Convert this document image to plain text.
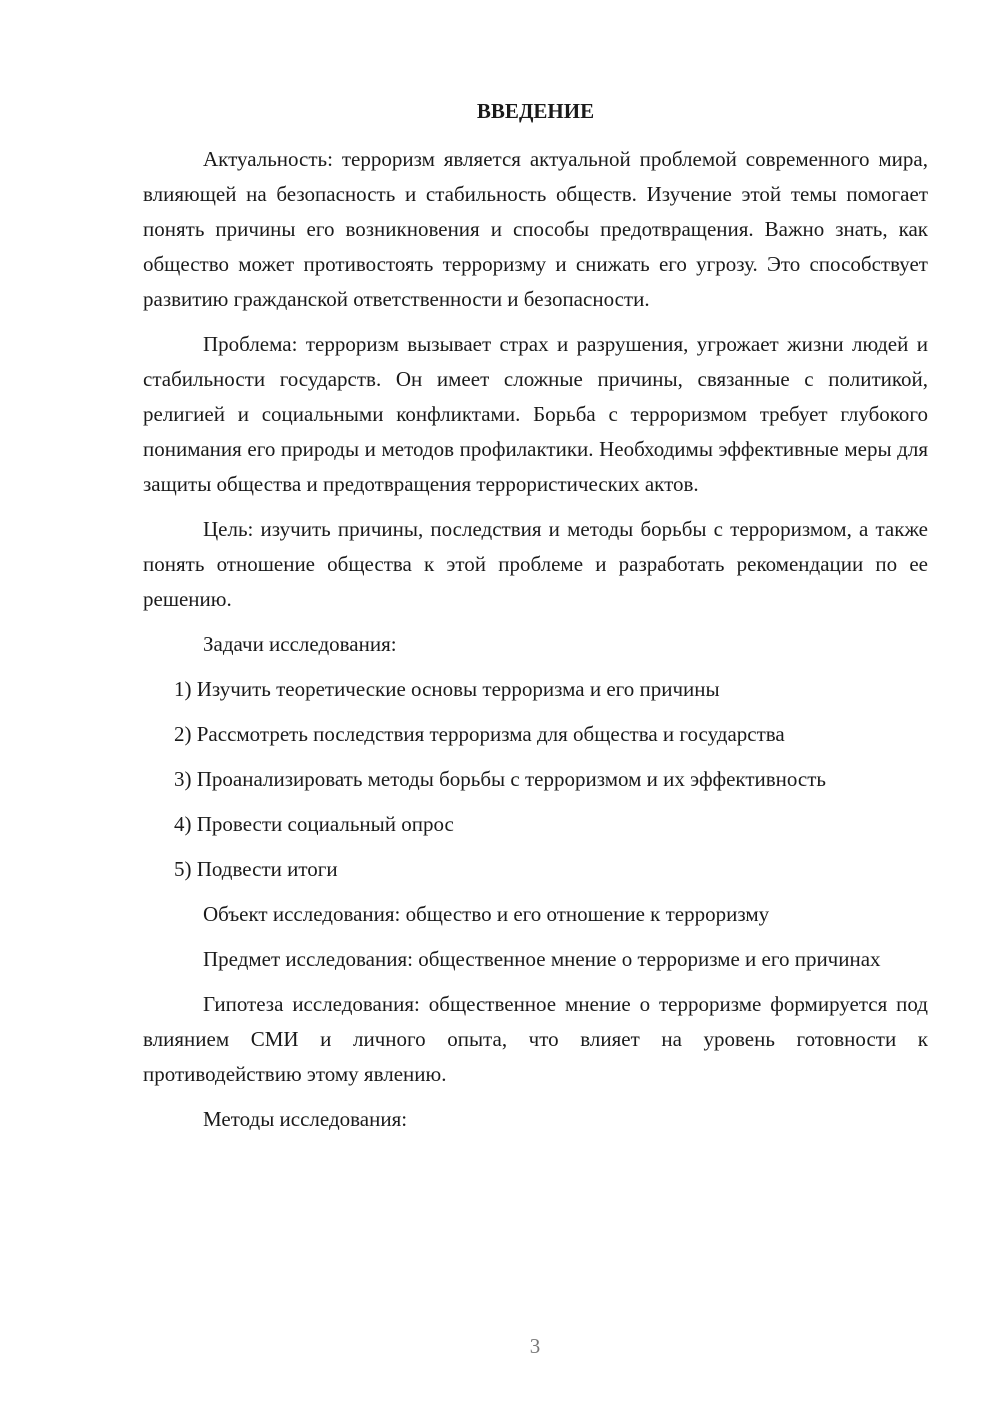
ВВЕДЕНИЕ

Актуальность: терроризм является актуальной проблемой современного мира, влияющей на безопасность и стабильность обществ. Изучение этой темы помогает понять причины его возникновения и способы предотвращения. Важно знать, как общество может противостоять терроризму и снижать его угрозу. Это способствует развитию гражданской ответственности и безопасности.

Проблема: терроризм вызывает страх и разрушения, угрожает жизни людей и стабильности государств. Он имеет сложные причины, связанные с политикой, религией и социальными конфликтами. Борьба с терроризмом требует глубокого понимания его природы и методов профилактики. Необходимы эффективные меры для защиты общества и предотвращения террористических актов.

Цель: изучить причины, последствия и методы борьбы с терроризмом, а также понять отношение общества к этой проблеме и разработать рекомендации по ее решению.

Задачи исследования:

1) Изучить теоретические основы терроризма и его причины

2) Рассмотреть последствия терроризма для общества и государства

3) Проанализировать методы борьбы с терроризмом и их эффективность

4) Провести социальный опрос

5) Подвести итоги

Объект исследования: общество и его отношение к терроризму

Предмет исследования: общественное мнение о терроризме и его причинах

Гипотеза исследования: общественное мнение о терроризме формируется под влиянием СМИ и личного опыта, что влияет на уровень готовности к противодействию этому явлению.

Методы исследования:

3
